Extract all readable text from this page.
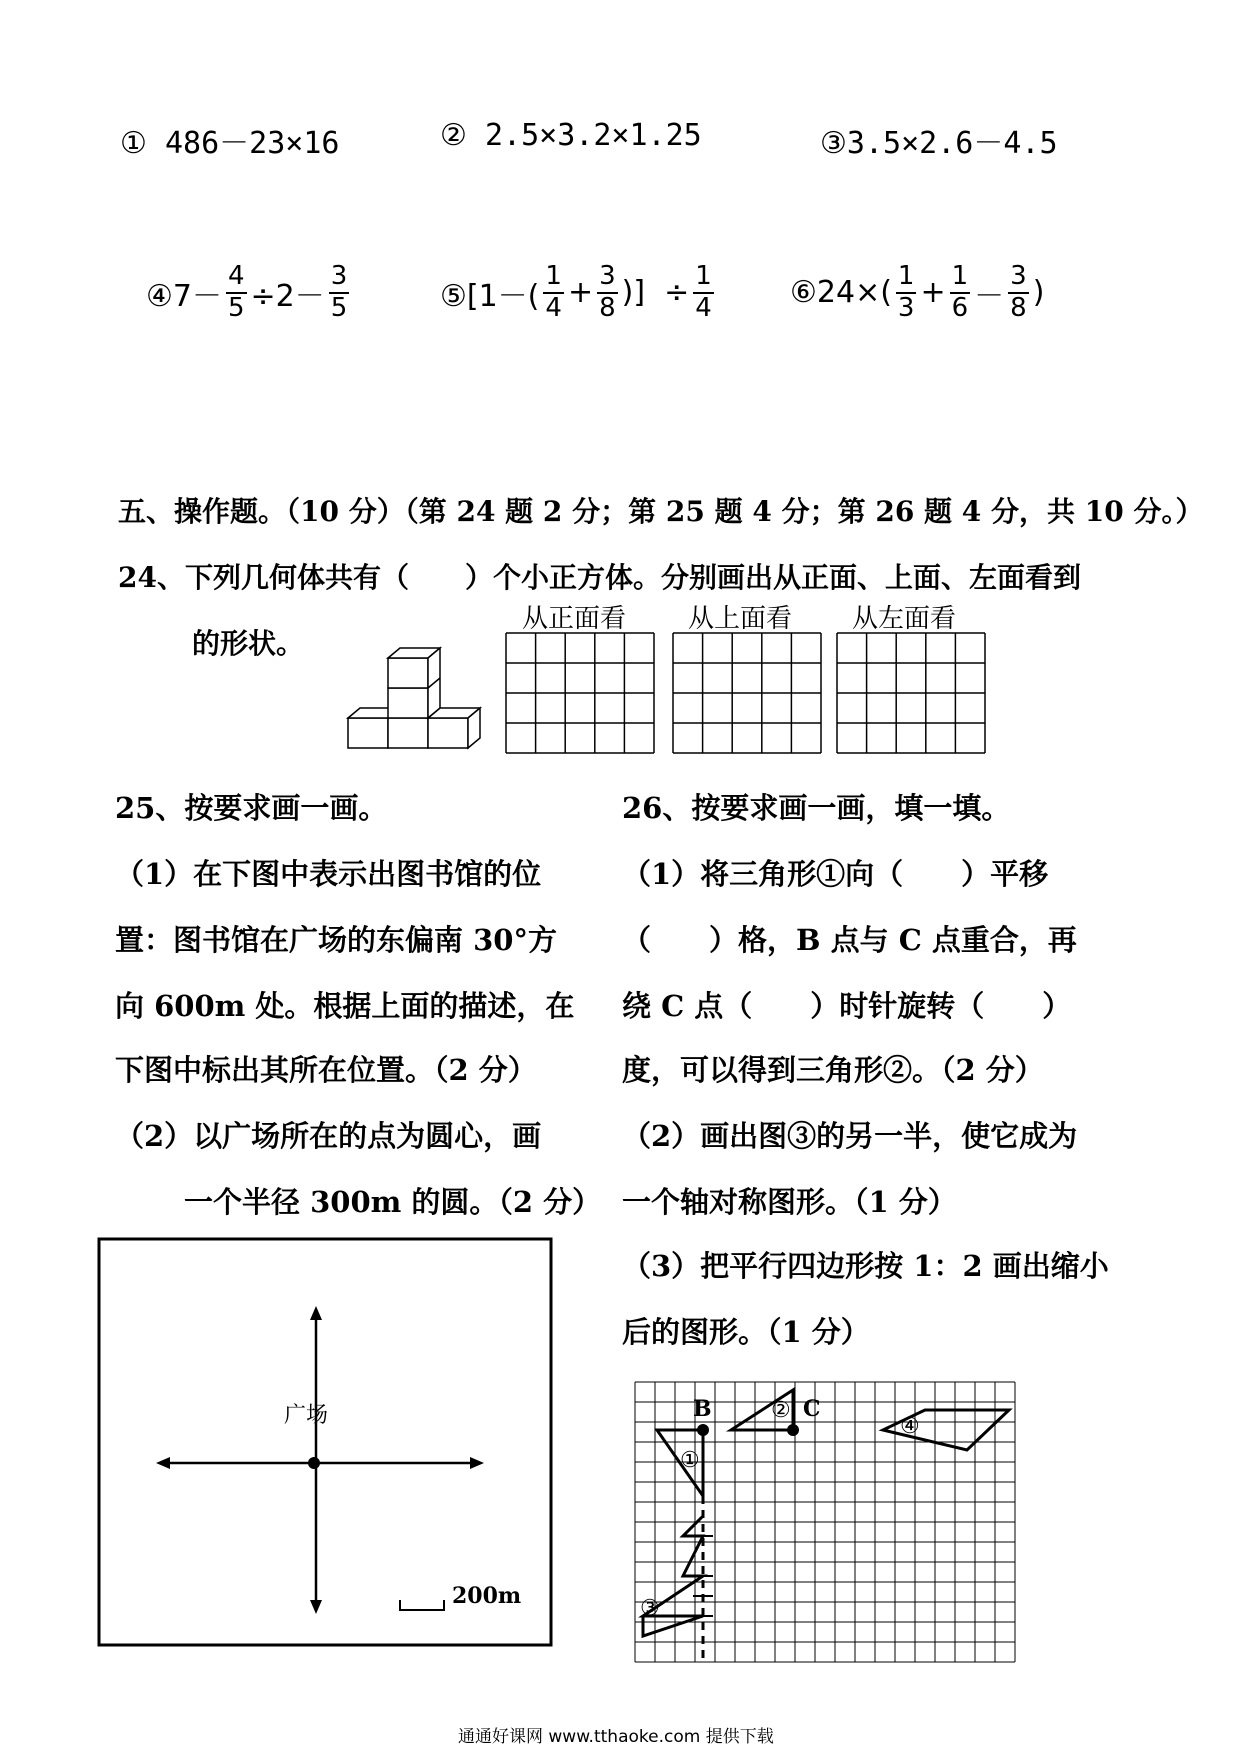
① 486－23×16	② 2.5×3.2×1.25	③3.5×2.6－4.5
④7－ $\frac{4}{5} \div 2- \frac{3}{5}$	⑤[1－( $\frac{1}{4} + \frac{3}{8}$ )]  ÷ $\frac{1}{4}$	⑥24×( $\frac{1}{3} + \frac{1}{6} - \frac{3}{8}$ )
五、操作题。（10 分）（第 24 题 2 分；第 25 题 4 分；第 26 题 4 分，共 10 分。）
24、下列几何体共有（　　）个小正方体。分别画出从正面、上面、左面看到
的形状。
从正面看 从上面看 从左面看
25、按要求画一画。
（1）在下图中表示出图书馆的位
置：图书馆在广场的东偏南 30°方
向 600m 处。根据上面的描述，在
下图中标出其所在位置。（2 分）
（2）以广场所在的点为圆心，画
一个半径 300m 的圆。（2 分）
广场
200m
26、按要求画一画，填一填。
（1）将三角形①向（　　）平移
（　　）格，B 点与 C 点重合，再
绕 C 点（　　）时针旋转（　　）
度，可以得到三角形②。（2 分）
（2）画出图③的另一半，使它成为
一个轴对称图形。（1 分）
（3）把平行四边形按 1：2 画出缩小
后的图形。（1 分）
B	C
①
②
③
④
通通好课网 www.tthaoke.com 提供下载
